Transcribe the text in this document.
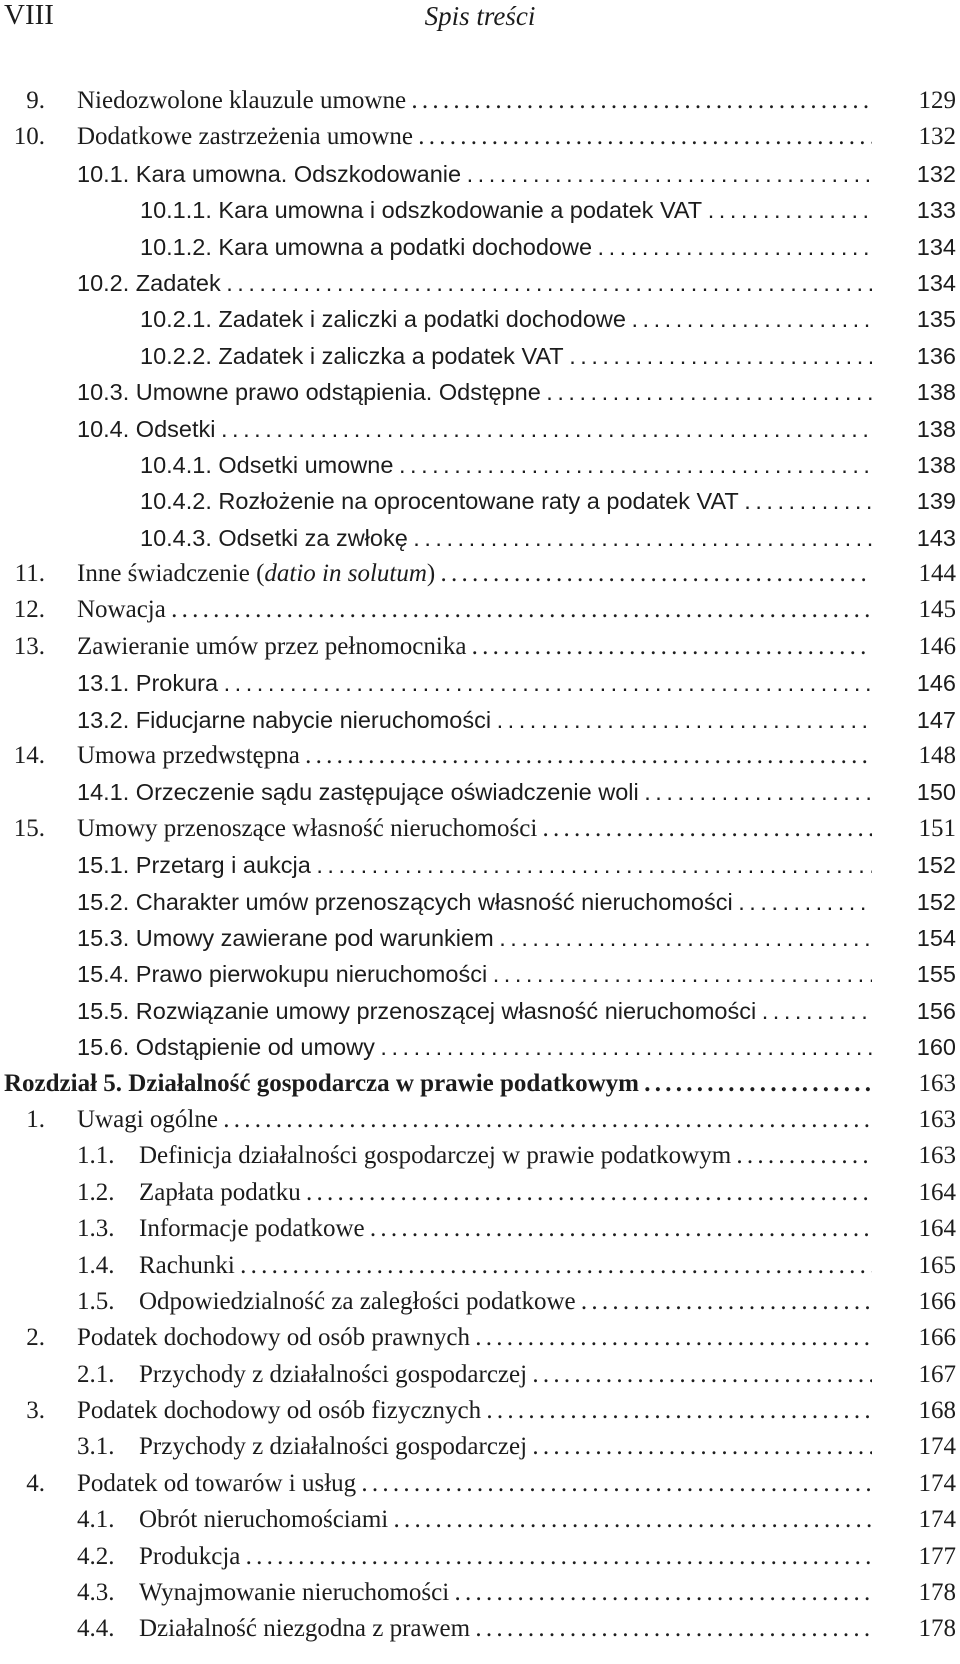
VIII	Spis treści
9. Niedozwolone klauzule umowne . . .	129
10. Dodatkowe zastrzeżenia umowne . . .	132
10.1. Kara umowna. Odszkodowanie . . .	132
10.1.1. Kara umowna i odszkodowanie a podatek VAT . . .	133
10.1.2. Kara umowna a podatki dochodowe . . .	134
10.2. Zadatek . . .	134
10.2.1. Zadatek i zaliczki a podatki dochodowe . . .	135
10.2.2. Zadatek i zaliczka a podatek VAT . . .	136
10.3. Umowne prawo odstąpienia. Odstępne . . .	138
10.4. Odsetki . . .	138
10.4.1. Odsetki umowne . . .	138
10.4.2. Rozłożenie na oprocentowane raty a podatek VAT . . .	139
10.4.3. Odsetki za zwłokę . . .	143
11. Inne świadczenie (datio in solutum) . . .	144
12. Nowacja . . .	145
13. Zawieranie umów przez pełnomocnika . . .	146
13.1. Prokura . . .	146
13.2. Fiducjarne nabycie nieruchomości . . .	147
14. Umowa przedwstępna . . .	148
14.1. Orzeczenie sądu zastępujące oświadczenie woli . . .	150
15. Umowy przenoszące własność nieruchomości . . .	151
15.1. Przetarg i aukcja . . .	152
15.2. Charakter umów przenoszących własność nieruchomości . . .	152
15.3. Umowy zawierane pod warunkiem . . .	154
15.4. Prawo pierwokupu nieruchomości . . .	155
15.5. Rozwiązanie umowy przenoszącej własność nieruchomości . . .	156
15.6. Odstąpienie od umowy . . .	160
Rozdział 5. Działalność gospodarcza w prawie podatkowym . . .	163
1. Uwagi ogólne . . .	163
1.1. Definicja działalności gospodarczej w prawie podatkowym . . .	163
1.2. Zapłata podatku . . .	164
1.3. Informacje podatkowe . . .	164
1.4. Rachunki . . .	165
1.5. Odpowiedzialność za zaległości podatkowe . . .	166
2. Podatek dochodowy od osób prawnych . . .	166
2.1. Przychody z działalności gospodarczej . . .	167
3. Podatek dochodowy od osób fizycznych . . .	168
3.1. Przychody z działalności gospodarczej . . .	174
4. Podatek od towarów i usług . . .	174
4.1. Obrót nieruchomościami . . .	174
4.2. Produkcja . . .	177
4.3. Wynajmowanie nieruchomości . . .	178
4.4. Działalność niezgodna z prawem . . .	178
